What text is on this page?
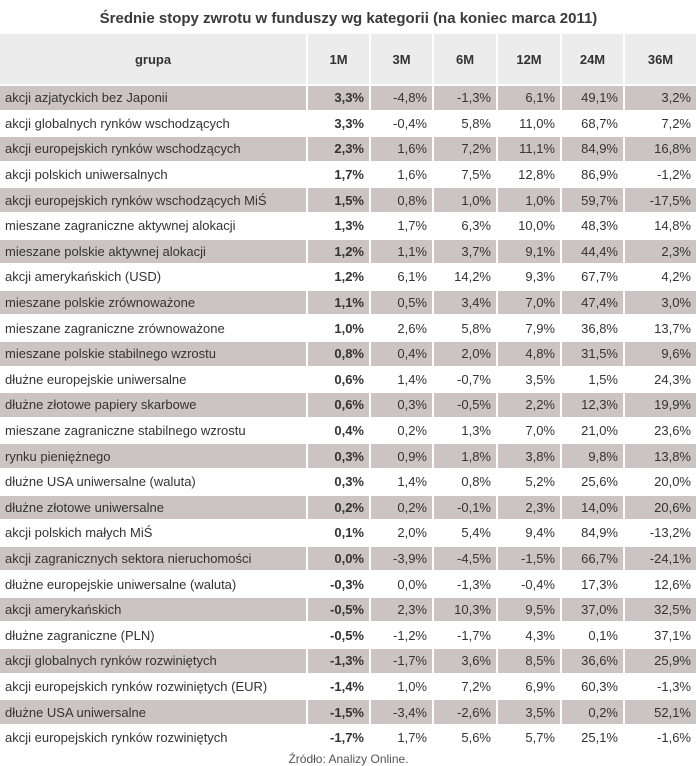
Średnie stopy zwrotu w funduszy wg kategorii (na koniec marca 2011)
grupa	1M	3M	6M	12M	24M	36M
akcji azjatyckich bez Japonii	3,3%	-4,8%	-1,3%	6,1%	49,1%	3,2%
akcji globalnych rynków wschodzących	3,3%	-0,4%	5,8%	11,0%	68,7%	7,2%
akcji europejskich rynków wschodzących	2,3%	1,6%	7,2%	11,1%	84,9%	16,8%
akcji polskich uniwersalnych	1,7%	1,6%	7,5%	12,8%	86,9%	-1,2%
akcji europejskich rynków wschodzących MiŚ	1,5%	0,8%	1,0%	1,0%	59,7%	-17,5%
mieszane zagraniczne aktywnej alokacji	1,3%	1,7%	6,3%	10,0%	48,3%	14,8%
mieszane polskie aktywnej alokacji	1,2%	1,1%	3,7%	9,1%	44,4%	2,3%
akcji amerykańskich (USD)	1,2%	6,1%	14,2%	9,3%	67,7%	4,2%
mieszane polskie zrównoważone	1,1%	0,5%	3,4%	7,0%	47,4%	3,0%
mieszane zagraniczne zrównoważone	1,0%	2,6%	5,8%	7,9%	36,8%	13,7%
mieszane polskie stabilnego wzrostu	0,8%	0,4%	2,0%	4,8%	31,5%	9,6%
dłużne europejskie uniwersalne	0,6%	1,4%	-0,7%	3,5%	1,5%	24,3%
dłużne złotowe papiery skarbowe	0,6%	0,3%	-0,5%	2,2%	12,3%	19,9%
mieszane zagraniczne stabilnego wzrostu	0,4%	0,2%	1,3%	7,0%	21,0%	23,6%
rynku pieniężnego	0,3%	0,9%	1,8%	3,8%	9,8%	13,8%
dłużne USA uniwersalne (waluta)	0,3%	1,4%	0,8%	5,2%	25,6%	20,0%
dłużne złotowe uniwersalne	0,2%	0,2%	-0,1%	2,3%	14,0%	20,6%
akcji polskich małych MiŚ	0,1%	2,0%	5,4%	9,4%	84,9%	-13,2%
akcji zagranicznych sektora nieruchomości	0,0%	-3,9%	-4,5%	-1,5%	66,7%	-24,1%
dłużne europejskie uniwersalne (waluta)	-0,3%	0,0%	-1,3%	-0,4%	17,3%	12,6%
akcji amerykańskich	-0,5%	2,3%	10,3%	9,5%	37,0%	32,5%
dłużne zagraniczne (PLN)	-0,5%	-1,2%	-1,7%	4,3%	0,1%	37,1%
akcji globalnych rynków rozwiniętych	-1,3%	-1,7%	3,6%	8,5%	36,6%	25,9%
akcji europejskich rynków rozwiniętych (EUR)	-1,4%	1,0%	7,2%	6,9%	60,3%	-1,3%
dłużne USA uniwersalne	-1,5%	-3,4%	-2,6%	3,5%	0,2%	52,1%
akcji europejskich rynków rozwiniętych	-1,7%	1,7%	5,6%	5,7%	25,1%	-1,6%
Źródło: Analizy Online.
